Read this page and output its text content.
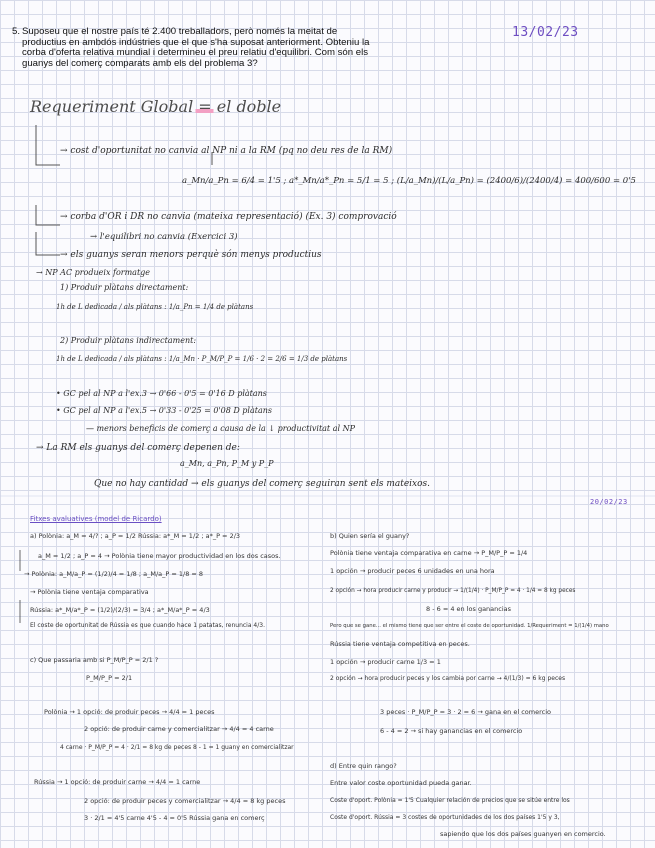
5. Suposeu que el nostre país té 2.400 treballadors, però només la meitat de productius en ambdós indústries que el que s'ha suposat anteriorment. Obteniu la corba d'oferta relativa mundial i determineu el preu relatiu d'equilibri. Com són els guanys del comerç comparats amb els del problema 3?
13/02/23
Requeriment Global = el doble
→ cost d'oportunitat no canvia al NP ni a la RM (pq no deu res de la RM)
a_Mn/a_Pn = 6/4 = 1'5 ; a*_Mn/a*_Pn = 5/1 = 5 ; (L/a_Mn)/(L/a_Pn) = (2400/6)/(2400/4) = 400/600 = 0'5
→ corba d'OR i DR no canvia (mateixa representació) (Ex. 3) comprovació
→ l'equilibri no canvia (Exercici 3)
→ els guanys seran menors perquè són menys productius
→ NP AC produeix formatge
1) Produir plàtans directament:
1h de L dedicada / als plàtans : 1/a_Pn = 1/4 de plàtans
2) Produir plàtans indirectament:
1h de L dedicada / als plàtans : 1/a_Mn · P_M/P_P = 1/6 · 2 = 2/6 = 1/3 de plàtans
• GC pel al NP a l'ex.3 → 0'66 - 0'5 = 0'16 D plàtans
• GC pel al NP a l'ex.5 → 0'33 - 0'25 = 0'08 D plàtans
— menors beneficis de comerç a causa de la ↓ productivitat al NP
→ La RM els guanys del comerç depenen de:
a_Mn, a_Pn, P_M y P_P
Que no hay cantidad → els guanys del comerç seguiran sent els mateixos.
20/02/23
Fitxes avaluatives (model de Ricardo)
a) Polònia: a_M = 4/? ; a_P = 1/2 Rússia: a*_M = 1/2 ; a*_P = 2/3
a_M = 1/2 ; a_P = 4 → Polònia tiene mayor productividad en los dos casos.
→ Polònia: a_M/a_P = (1/2)/4 = 1/8 ; a_M/a_P = 1/8 = 8
→ Polònia tiene ventaja comparativa
Rússia: a*_M/a*_P = (1/2)/(2/3) = 3/4 ; a*_M/a*_P = 4/3
El coste de oportunitat de Rússia es que cuando hace 1 patatas, renuncia 4/3.
c) Que passaria amb si P_M/P_P = 2/1 ?
P_M/P_P = 2/1
Polònia → 1 opció: de produir peces → 4/4 = 1 peces
2 opció: de produir carne y comercialitzar → 4/4 = 4 carne
4 carne · P_M/P_P = 4 · 2/1 = 8 kg de peces 8 - 1 = 1 guany en comercialitzar
Rússia → 1 opció: de produir carne → 4/4 = 1 carne
2 opció: de produir peces y comercialitzar → 4/4 = 8 kg peces
3 · 2/1 = 4'5 carne 4'5 - 4 = 0'5 Rússia gana en comerç
b) Quien sería el guany?
Polònia tiene ventaja comparativa en carne → P_M/P_P = 1/4
1 opción → producir peces 6 unidades en una hora
2 opción → hora producir carne y producir → 1/(1/4) · P_M/P_P = 4 · 1/4 = 8 kg peces
8 - 6 = 4 en los ganancias
Pero que se gane... el mismo tiene que ser entre el coste de oportunidad. 1/Requeriment = 1/(1/4) mano
Rússia tiene ventaja competitiva en peces.
1 opción → producir carne 1/3 = 1
2 opción → hora producir peces y los cambia por carne → 4/(1/3) = 6 kg peces
3 peces · P_M/P_P = 3 · 2 = 6 → gana en el comercio
6 - 4 = 2 → si hay ganancias en el comercio
d) Entre quin rango?
Entre valor coste oportunidad pueda ganar.
Coste d'oport. Polònia = 1'5 Cualquier relación de precios que se sitúe entre los
Coste d'oport. Rússia = 3 costes de oportunidades de los dos países 1'5 y 3,
sapiendo que los dos países guanyen en comercio.
